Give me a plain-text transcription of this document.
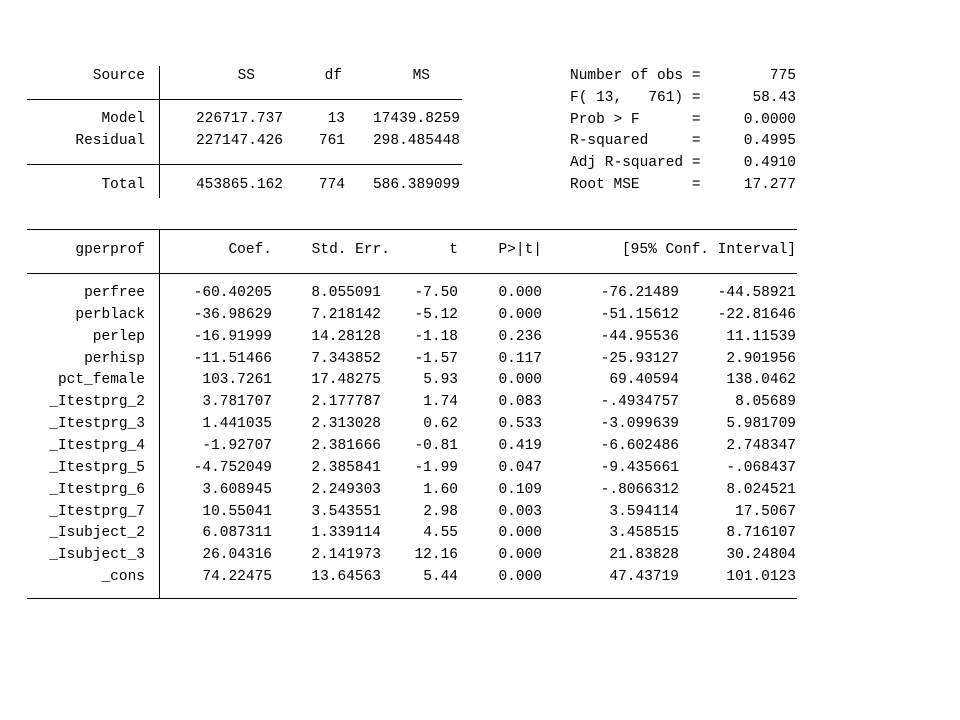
Source	SS	df	MS
Model	226717.737	13 17439.8259
Residual	227147.426 761 298.485448
Total	453865.162 774 586.389099
Number of obs =	775
F( 13,   761) =	58.43
Prob > F      =	0.0000
R-squared     =	0.4995
Adj R-squared =	0.4910
Root MSE      =	17.277
gperprof	Coef.	Std. Err.	t	P>|t|	[95% Conf. Interval]
perfree	-60.40205	8.055091 -7.50	0.000	-76.21489	-44.58921
perblack	-36.98629	7.218142 -5.12	0.000	-51.15612	-22.81646
perlep	-16.91999	14.28128 -1.18	0.236	-44.95536	11.11539
perhisp	-11.51466	7.343852 -1.57	0.117	-25.93127	2.901956
pct_female	103.7261	17.48275	5.93	0.000	69.40594	138.0462
_Itestprg_2	3.781707	2.177787	1.74	0.083	-.4934757	8.05689
_Itestprg_3	1.441035	2.313028	0.62	0.533	-3.099639	5.981709
_Itestprg_4	-1.92707	2.381666 -0.81	0.419	-6.602486	2.748347
_Itestprg_5	-4.752049	2.385841 -1.99	0.047	-9.435661	-.068437
_Itestprg_6	3.608945	2.249303	1.60	0.109	-.8066312	8.024521
_Itestprg_7	10.55041	3.543551	2.98	0.003	3.594114	17.5067
_Isubject_2	6.087311	1.339114	4.55	0.000	3.458515	8.716107
_Isubject_3	26.04316	2.141973 12.16	0.000	21.83828	30.24804
_cons	74.22475	13.64563	5.44	0.000	47.43719	101.0123
